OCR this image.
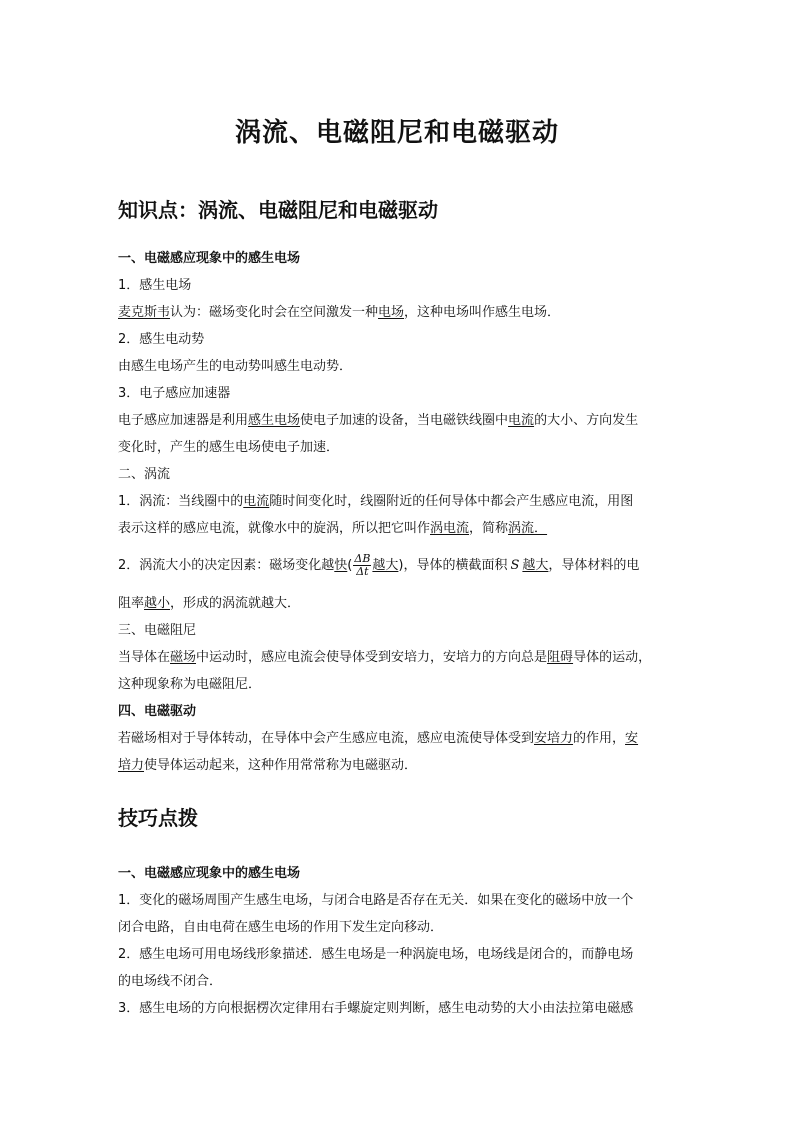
涡流、电磁阻尼和电磁驱动
知识点：涡流、电磁阻尼和电磁驱动
一、电磁感应现象中的感生电场
1．感生电场
麦克斯韦认为：磁场变化时会在空间激发一种电场，这种电场叫作感生电场．
2．感生电动势
由感生电场产生的电动势叫感生电动势．
3．电子感应加速器
电子感应加速器是利用感生电场使电子加速的设备，当电磁铁线圈中电流的大小、方向发生
变化时，产生的感生电场使电子加速．
二、涡流
1．涡流：当线圈中的电流随时间变化时，线圈附近的任何导体中都会产生感应电流，用图
表示这样的感应电流，就像水中的旋涡，所以把它叫作涡电流，简称涡流．
2．涡流大小的决定因素：磁场变化越快( $\frac{\Delta B}{\Delta t}$ 越大)，导体的横截面积 S 越大，导体材料的电
阻率越小，形成的涡流就越大．
三、电磁阻尼
当导体在磁场中运动时，感应电流会使导体受到安培力，安培力的方向总是阻碍导体的运动，
这种现象称为电磁阻尼．
四、电磁驱动
若磁场相对于导体转动，在导体中会产生感应电流，感应电流使导体受到安培力的作用，安
培力使导体运动起来，这种作用常常称为电磁驱动．
技巧点拨
一、电磁感应现象中的感生电场
1．变化的磁场周围产生感生电场，与闭合电路是否存在无关．如果在变化的磁场中放一个
闭合电路，自由电荷在感生电场的作用下发生定向移动．
2．感生电场可用电场线形象描述．感生电场是一种涡旋电场，电场线是闭合的，而静电场
的电场线不闭合．
3．感生电场的方向根据楞次定律用右手螺旋定则判断，感生电动势的大小由法拉第电磁感
